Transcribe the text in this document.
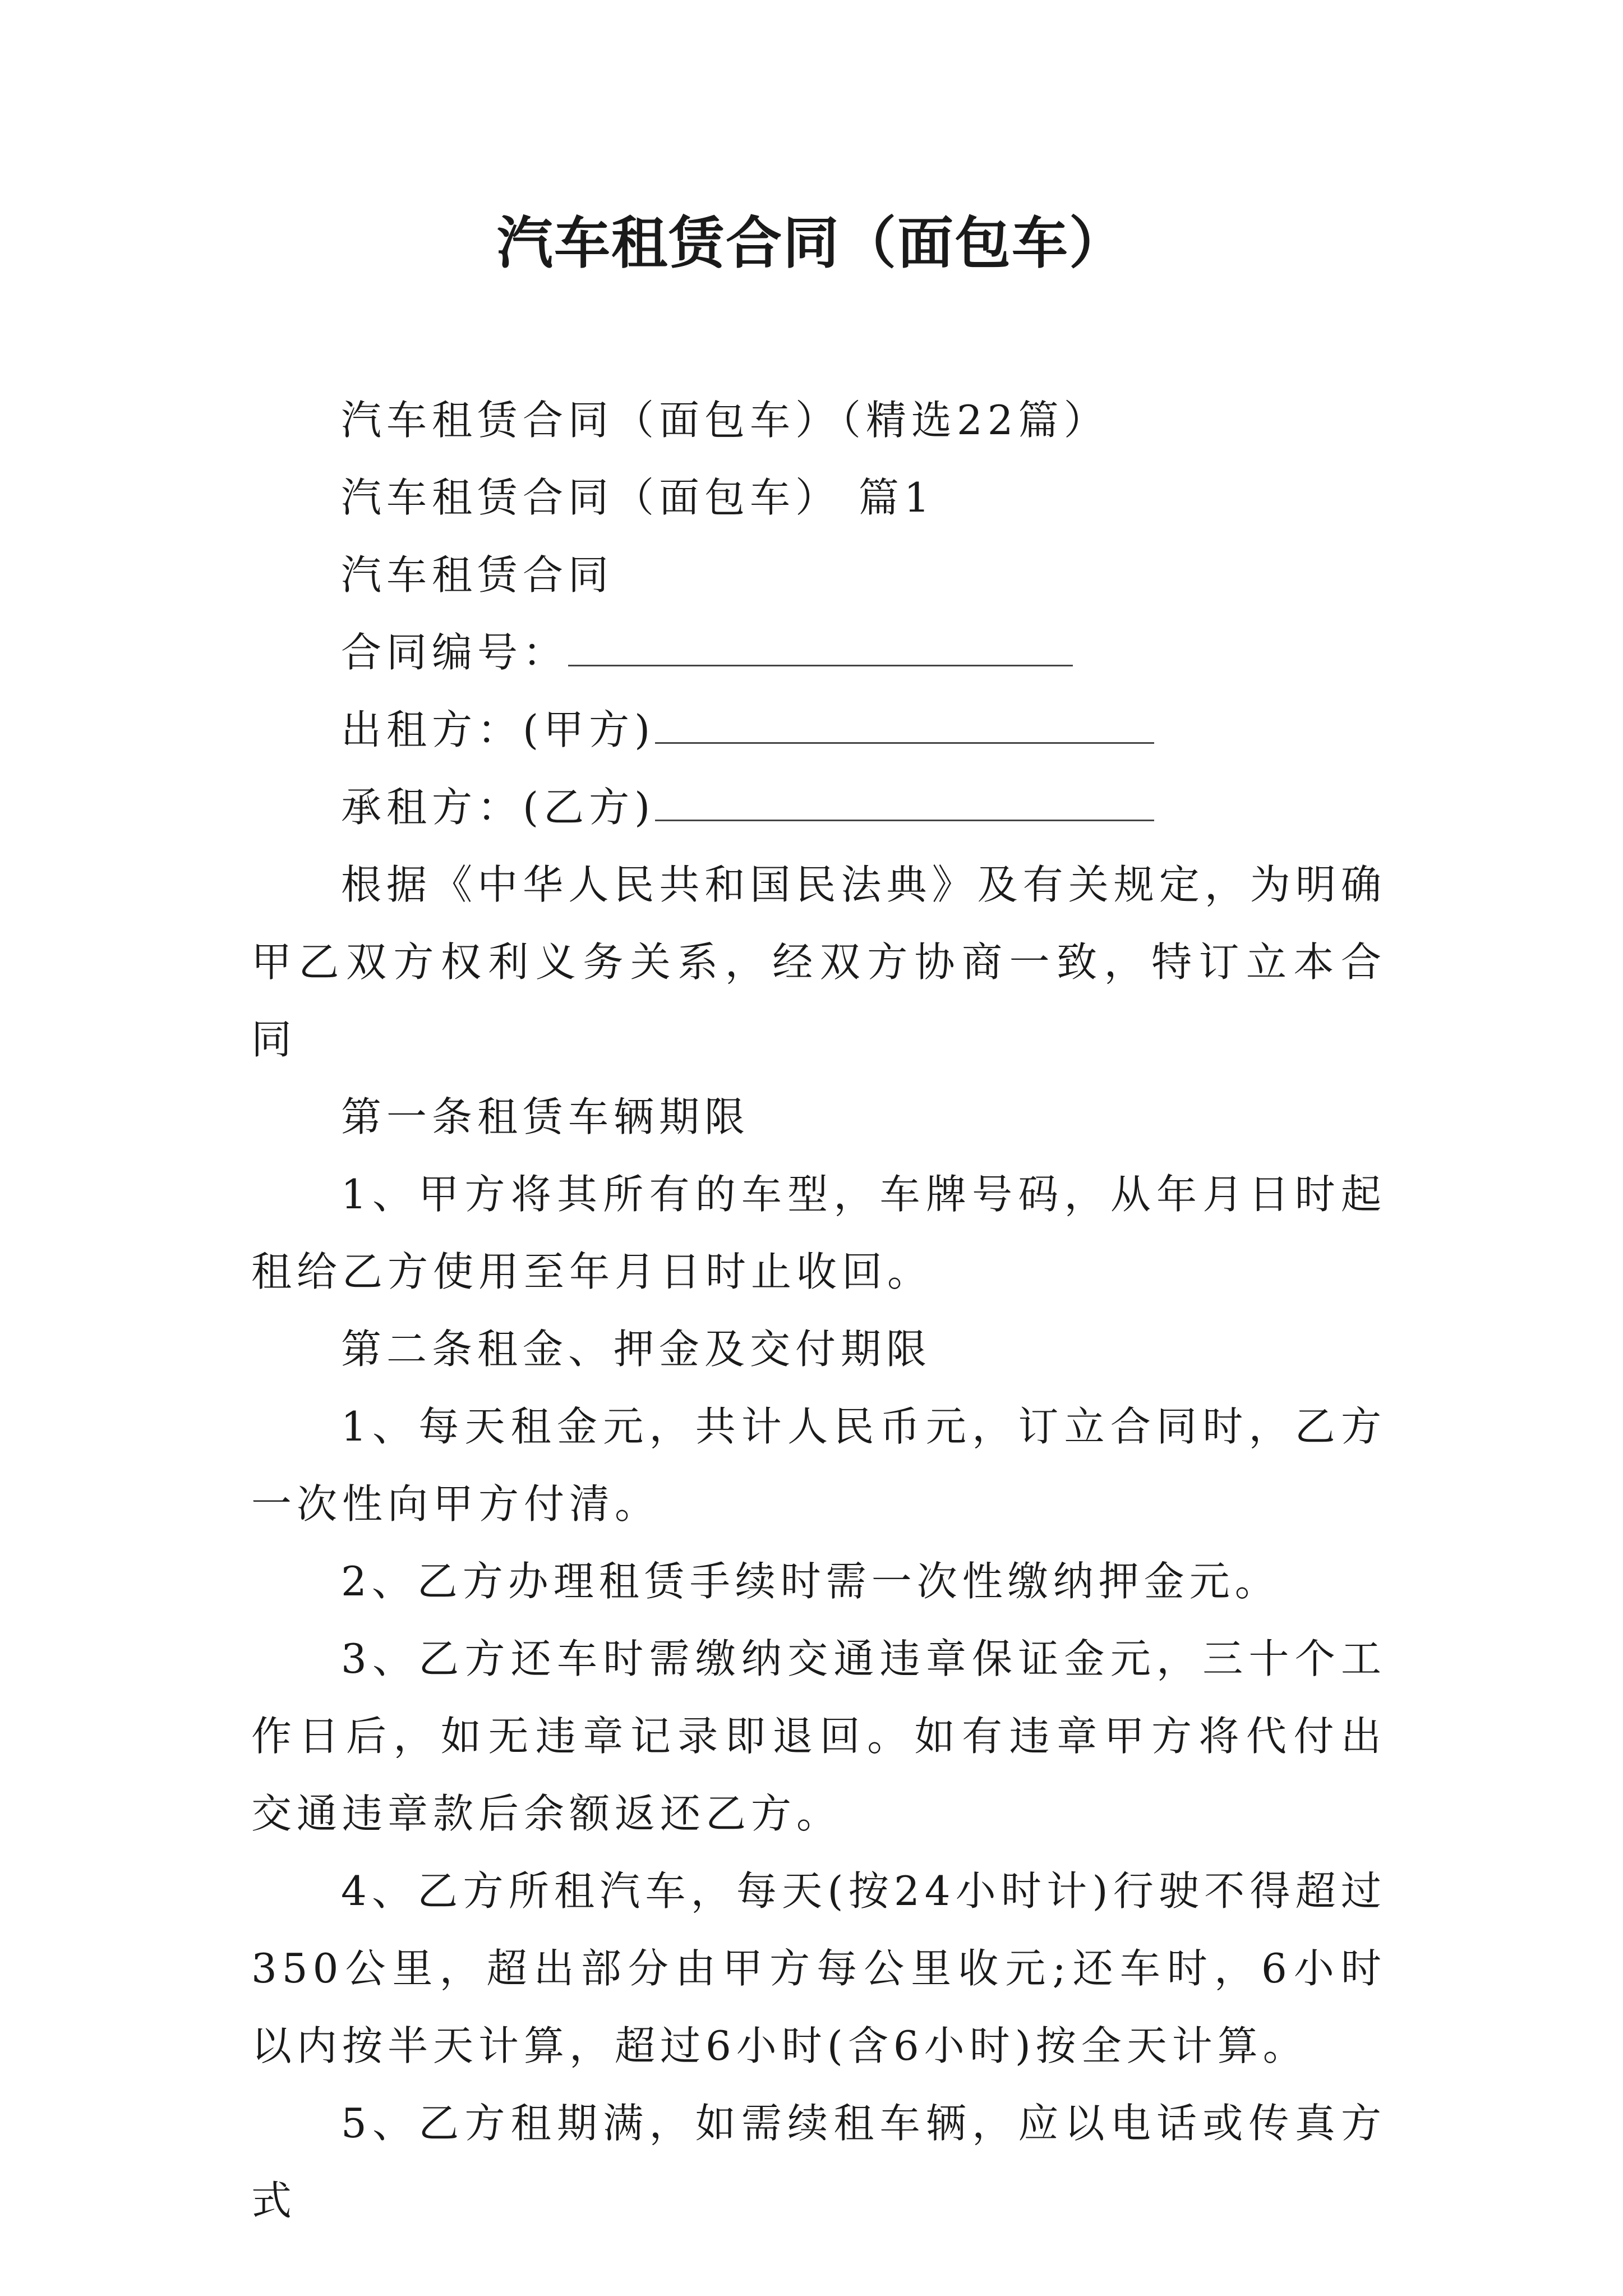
汽车租赁合同（面包车）

汽车租赁合同（面包车）（精选22篇）

汽车租赁合同（面包车） 篇1

汽车租赁合同

合同编号：

出租方：(甲方)

承租方：(乙方)

根据《中华人民共和国民法典》及有关规定，为明确甲乙双方权利义务关系，经双方协商一致，特订立本合同

第一条租赁车辆期限

1、甲方将其所有的车型，车牌号码，从年月日时起租给乙方使用至年月日时止收回。

第二条租金、押金及交付期限

1、每天租金元，共计人民币元，订立合同时，乙方一次性向甲方付清。

2、乙方办理租赁手续时需一次性缴纳押金元。

3、乙方还车时需缴纳交通违章保证金元，三十个工作日后，如无违章记录即退回。如有违章甲方将代付出交通违章款后余额返还乙方。

4、乙方所租汽车，每天(按24小时计)行驶不得超过350公里，超出部分由甲方每公里收元;还车时，6小时以内按半天计算，超过6小时(含6小时)按全天计算。

5、乙方租期满，如需续租车辆，应以电话或传真方式
